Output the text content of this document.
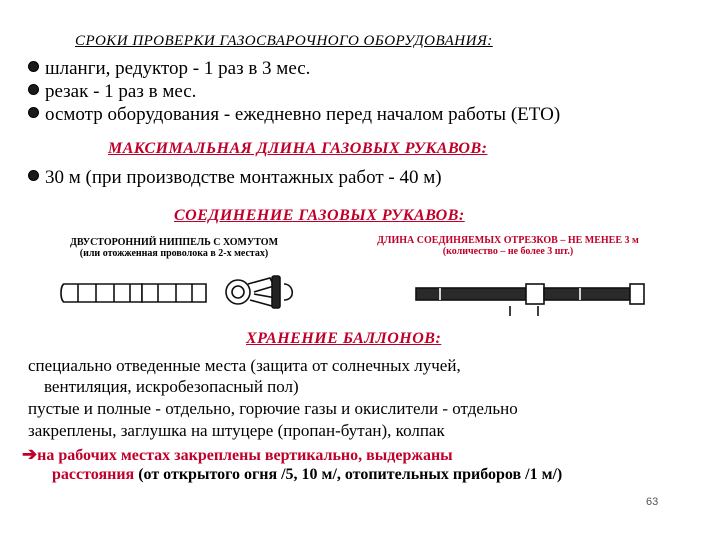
СРОКИ ПРОВЕРКИ ГАЗОСВАРОЧНОГО ОБОРУДОВАНИЯ:
шланги, редуктор - 1 раз в 3 мес.
резак - 1 раз в мес.
осмотр оборудования - ежедневно перед началом работы (ЕТО)
МАКСИМАЛЬНАЯ ДЛИНА ГАЗОВЫХ РУКАВОВ:
30 м (при производстве монтажных работ - 40 м)
СОЕДИНЕНИЕ ГАЗОВЫХ РУКАВОВ:
ДВУСТОРОННИЙ НИППЕЛЬ С ХОМУТОМ
(или отожженная проволока в 2-х местах)
ДЛИНА СОЕДИНЯЕМЫХ ОТРЕЗКОВ – НЕ МЕНЕЕ 3 м
(количество – не более 3 шт.)
ХРАНЕНИЕ БАЛЛОНОВ:
специально отведенные места (защита от солнечных лучей,
вентиляция, искробезопасный пол)
пустые и полные - отдельно, горючие газы и окислители - отдельно
закреплены, заглушка на штуцере (пропан-бутан), колпак
➔на рабочих местах закреплены вертикально, выдержаны
расстояния (от открытого огня /5, 10 м/, отопительных приборов /1 м/)
63
